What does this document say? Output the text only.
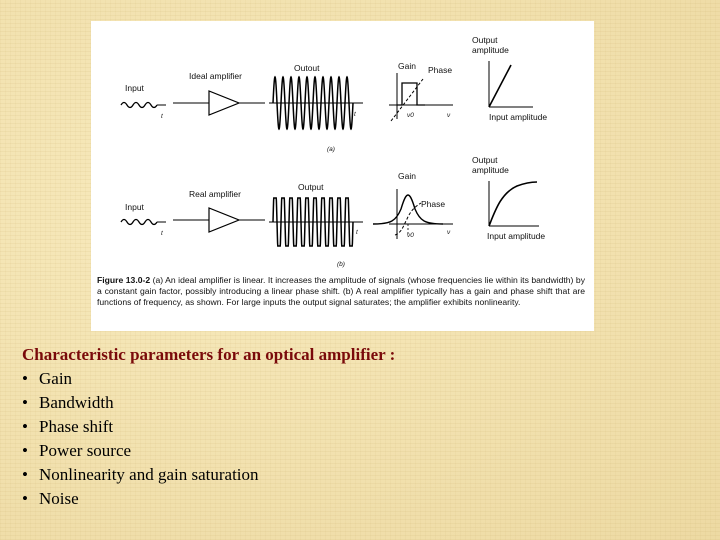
Input
t
Ideal amplifier
Outout
t
Gain Phase
ν0	ν
Output amplitude
Input amplitude
(a)
Input
t
Real amplifier
Output
t
Gain
Phase
ν0	ν
Output amplitude
Input amplitude
(b)
Figure 13.0-2 (a) An ideal amplifier is linear. It increases the amplitude of signals (whose frequencies lie within its bandwidth) by a constant gain factor, possibly introducing a linear phase shift. (b) A real amplifier typically has a gain and phase shift that are functions of frequency, as shown. For large inputs the output signal saturates; the amplifier exhibits nonlinearity.

Characteristic parameters for an optical amplifier :

• Gain
• Bandwidth
• Phase shift
• Power source
• Nonlinearity and gain saturation
• Noise
